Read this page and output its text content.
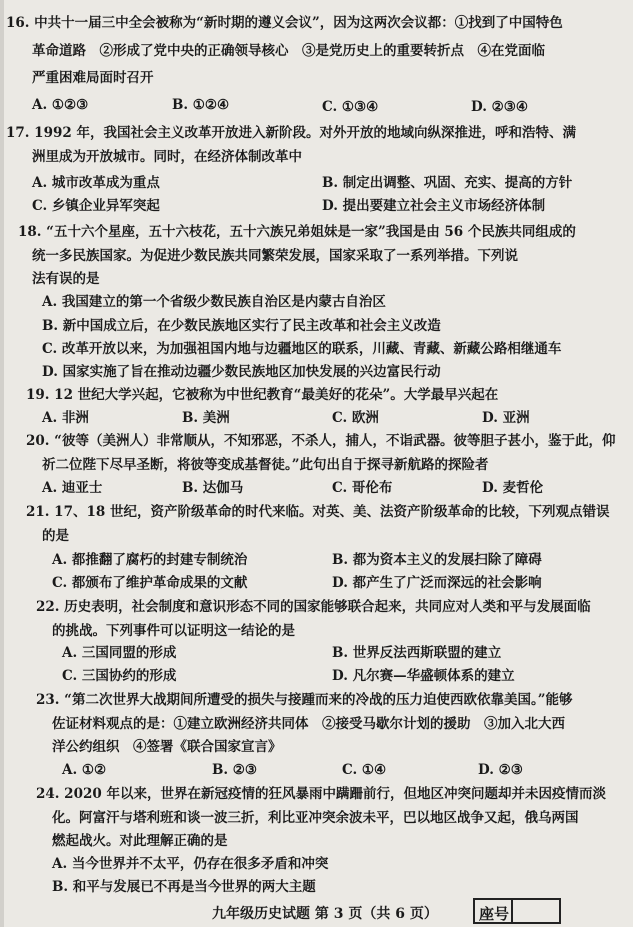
16. 中共十一届三中全会被称为“新时期的遵义会议”，因为这两次会议都：①找到了中国特色
革命道路　②形成了党中央的正确领导核心　③是党历史上的重要转折点　④在党面临
严重困难局面时召开
A. ①②③	B. ①②④	C. ①③④	D. ②③④
17. 1992 年，我国社会主义改革开放进入新阶段。对外开放的地域向纵深推进，呼和浩特、满
洲里成为开放城市。同时，在经济体制改革中
A. 城市改革成为重点	B. 制定出调整、巩固、充实、提高的方针
C. 乡镇企业异军突起	D. 提出要建立社会主义市场经济体制
18. “五十六个星座，五十六枝花，五十六族兄弟姐妹是一家”我国是由 56 个民族共同组成的
统一多民族国家。为促进少数民族共同繁荣发展，国家采取了一系列举措。下列说
法有误的是
A. 我国建立的第一个省级少数民族自治区是内蒙古自治区
B. 新中国成立后，在少数民族地区实行了民主改革和社会主义改造
C. 改革开放以来，为加强祖国内地与边疆地区的联系，川藏、青藏、新藏公路相继通车
D. 国家实施了旨在推动边疆少数民族地区加快发展的兴边富民行动
19. 12 世纪大学兴起，它被称为中世纪教育“最美好的花朵”。大学最早兴起在
A. 非洲	B. 美洲	C. 欧洲	D. 亚洲
20. “彼等（美洲人）非常顺从，不知邪恶，不杀人，捕人，不诣武器。彼等胆子甚小，鉴于此，仰
祈二位陛下尽早圣断，将彼等变成基督徒。”此句出自于探寻新航路的探险者
A. 迪亚士	B. 达伽马	C. 哥伦布	D. 麦哲伦
21. 17、18 世纪，资产阶级革命的时代来临。对英、美、法资产阶级革命的比较，下列观点错误
的是
A. 都推翻了腐朽的封建专制统治	B. 都为资本主义的发展扫除了障碍
C. 都颁布了维护革命成果的文献	D. 都产生了广泛而深远的社会影响
22. 历史表明，社会制度和意识形态不同的国家能够联合起来，共同应对人类和平与发展面临
的挑战。下列事件可以证明这一结论的是
A. 三国同盟的形成	B. 世界反法西斯联盟的建立
C. 三国协约的形成	D. 凡尔赛—华盛顿体系的建立
23. “第二次世界大战期间所遭受的损失与接踵而来的冷战的压力迫使西欧依靠美国。”能够
佐证材料观点的是：①建立欧洲经济共同体　②接受马歇尔计划的援助　③加入北大西
洋公约组织　④签署《联合国家宣言》
A. ①②	B. ②③	C. ①④	D. ②③
24. 2020 年以来，世界在新冠疫情的狂风暴雨中蹒跚前行，但地区冲突问题却并未因疫情而淡
化。阿富汗与塔利班和谈一波三折，利比亚冲突余波未平，巴以地区战争又起，俄乌两国
燃起战火。对此理解正确的是
A. 当今世界并不太平，仍存在很多矛盾和冲突
B. 和平与发展已不再是当今世界的两大主题
九年级历史试题 第 3 页（共 6 页）	座号
